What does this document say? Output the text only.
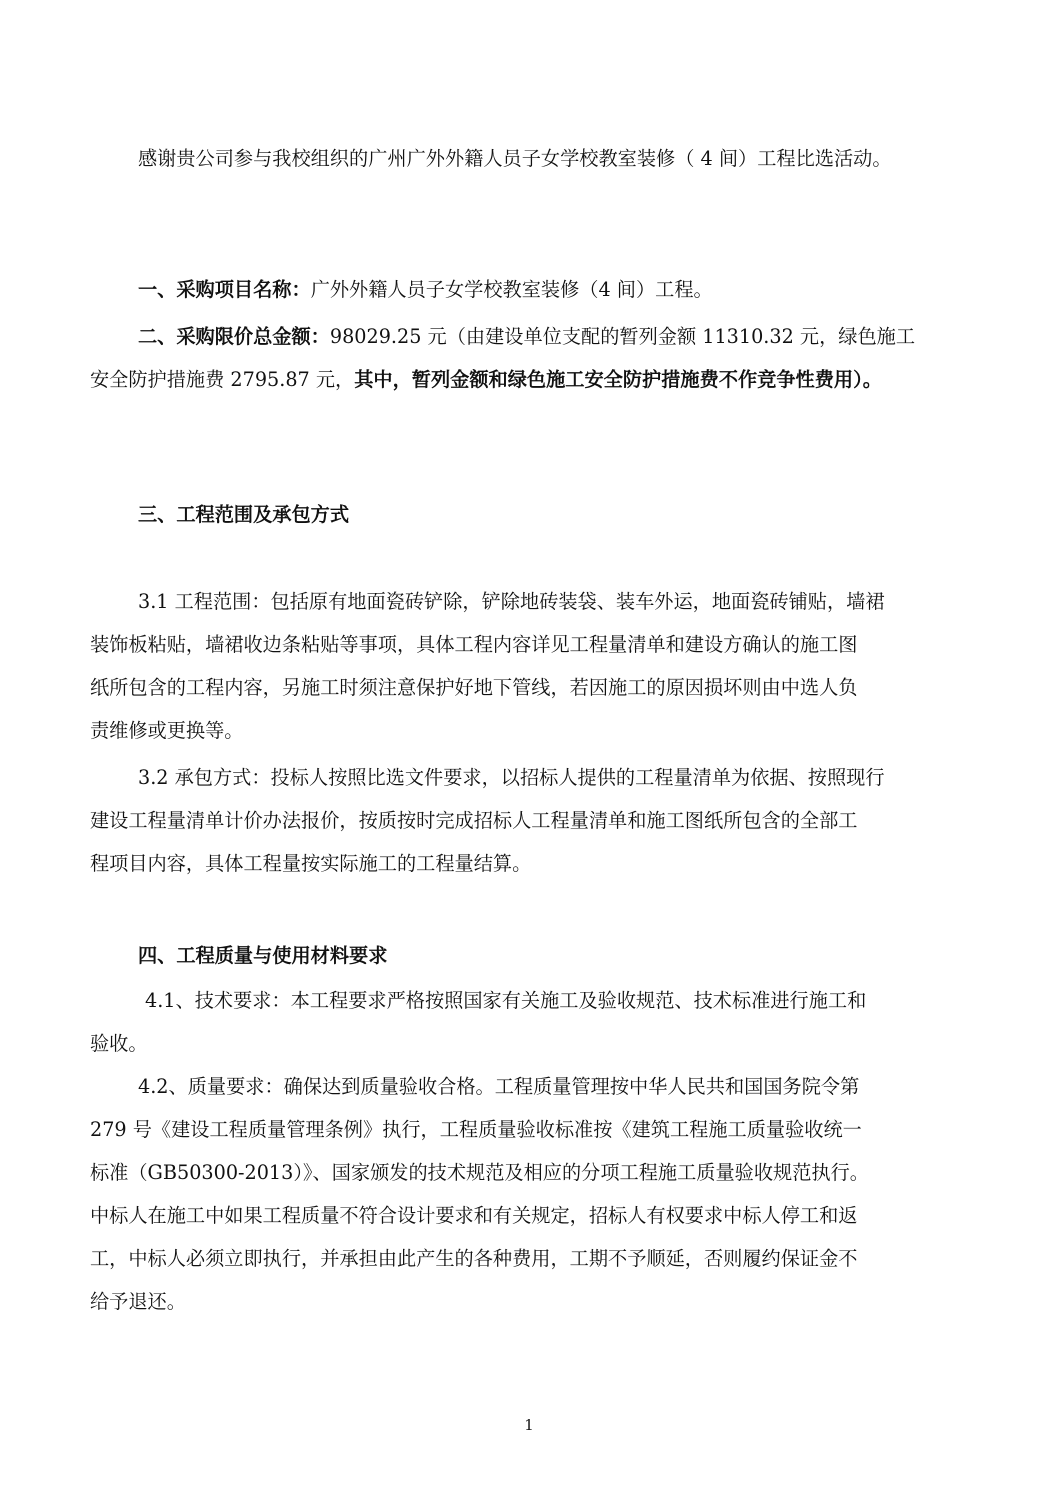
感谢贵公司参与我校组织的广州广外外籍人员子女学校教室装修（ 4 间）工程比选活动。
一、采购项目名称：广外外籍人员子女学校教室装修（4 间）工程。
二、采购限价总金额：98029.25 元（由建设单位支配的暂列金额 11310.32 元，绿色施工
安全防护措施费 2795.87 元，其中，暂列金额和绿色施工安全防护措施费不作竞争性费用）。
三、工程范围及承包方式
3.1 工程范围：包括原有地面瓷砖铲除，铲除地砖装袋、装车外运，地面瓷砖铺贴，墙裙
装饰板粘贴，墙裙收边条粘贴等事项，具体工程内容详见工程量清单和建设方确认的施工图
纸所包含的工程内容，另施工时须注意保护好地下管线，若因施工的原因损坏则由中选人负
责维修或更换等。
3.2 承包方式：投标人按照比选文件要求，以招标人提供的工程量清单为依据、按照现行
建设工程量清单计价办法报价，按质按时完成招标人工程量清单和施工图纸所包含的全部工
程项目内容，具体工程量按实际施工的工程量结算。
四、工程质量与使用材料要求
4.1、技术要求：本工程要求严格按照国家有关施工及验收规范、技术标准进行施工和
验收。
4.2、质量要求：确保达到质量验收合格。工程质量管理按中华人民共和国国务院令第
279 号《建设工程质量管理条例》执行，工程质量验收标准按《建筑工程施工质量验收统一
标准（GB50300-2013）》、国家颁发的技术规范及相应的分项工程施工质量验收规范执行。
中标人在施工中如果工程质量不符合设计要求和有关规定，招标人有权要求中标人停工和返
工，中标人必须立即执行，并承担由此产生的各种费用，工期不予顺延，否则履约保证金不
给予退还。
1
